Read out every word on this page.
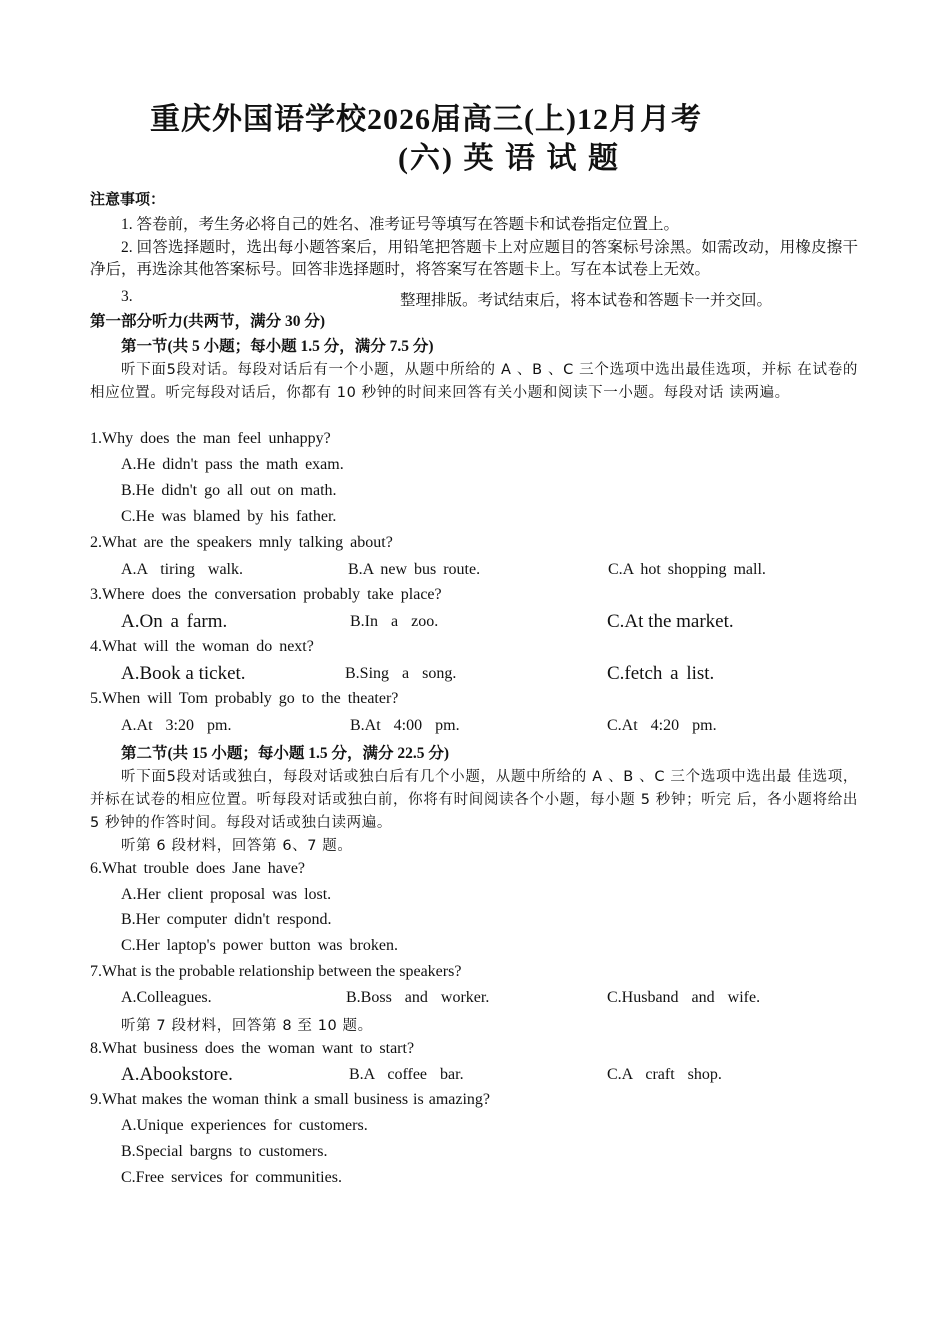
重庆外国语学校2026届高三(上)12月月考
(六) 英 语 试 题
注意事项：
1. 答卷前，考生务必将自己的姓名、准考证号等填写在答题卡和试卷指定位置上。
2. 回答选择题时，选出每小题答案后，用铅笔把答题卡上对应题目的答案标号涂黑。如需改动，用橡皮擦干净后，再选涂其他答案标号。回答非选择题时，将答案写在答题卡上。写在本试卷上无效。
3.	整理排版。考试结束后，将本试卷和答题卡一并交回。
第一部分听力(共两节，满分 30 分)
第一节(共 5 小题；每小题 1.5 分，满分 7.5 分)
听下面5段对话。每段对话后有一个小题，从题中所给的 A 、B 、C 三个选项中选出最佳选项，并标 在试卷的相应位置。听完每段对话后，你都有 10 秒钟的时间来回答有关小题和阅读下一小题。每段对话 读两遍。
1.Why does the man feel unhappy?
A.He didn't pass the math exam.
B.He didn't go all out on math.
C.He was blamed by his father.
2.What are the speakers mnly talking about?
A.A tiring walk.	B.A new bus route.	C.A hot shopping mall.
3.Where does the conversation probably take place?
A.On a farm.	B.In a zoo.	C.At the market.
4.What will the woman do next?
A.Book a ticket.	B.Sing a song.	C.fetch a list.
5.When will Tom probably go to the theater?
A.At 3:20 pm.	B.At 4:00 pm.	C.At 4:20 pm.
第二节(共 15 小题；每小题 1.5 分，满分 22.5 分)
听下面5段对话或独白，每段对话或独白后有几个小题，从题中所给的 A 、B 、C 三个选项中选出最 佳选项，并标在试卷的相应位置。听每段对话或独白前，你将有时间阅读各个小题，每小题 5 秒钟；听完 后，各小题将给出 5 秒钟的作答时间。每段对话或独白读两遍。
听第 6 段材料，回答第 6、7 题。
6.What trouble does Jane have?
A.Her client proposal was lost.
B.Her computer didn't respond.
C.Her laptop's power button was broken.
7.What is the probable relationship between the speakers?
A.Colleagues.	B.Boss and worker.	C.Husband and wife.
听第 7 段材料，回答第 8 至 10 题。
8.What business does the woman want to start?
A.Abookstore.	B.A coffee bar.	C.A craft shop.
9.What makes the woman think a small business is amazing?
A.Unique experiences for customers.
B.Special bargns to customers.
C.Free services for communities.
